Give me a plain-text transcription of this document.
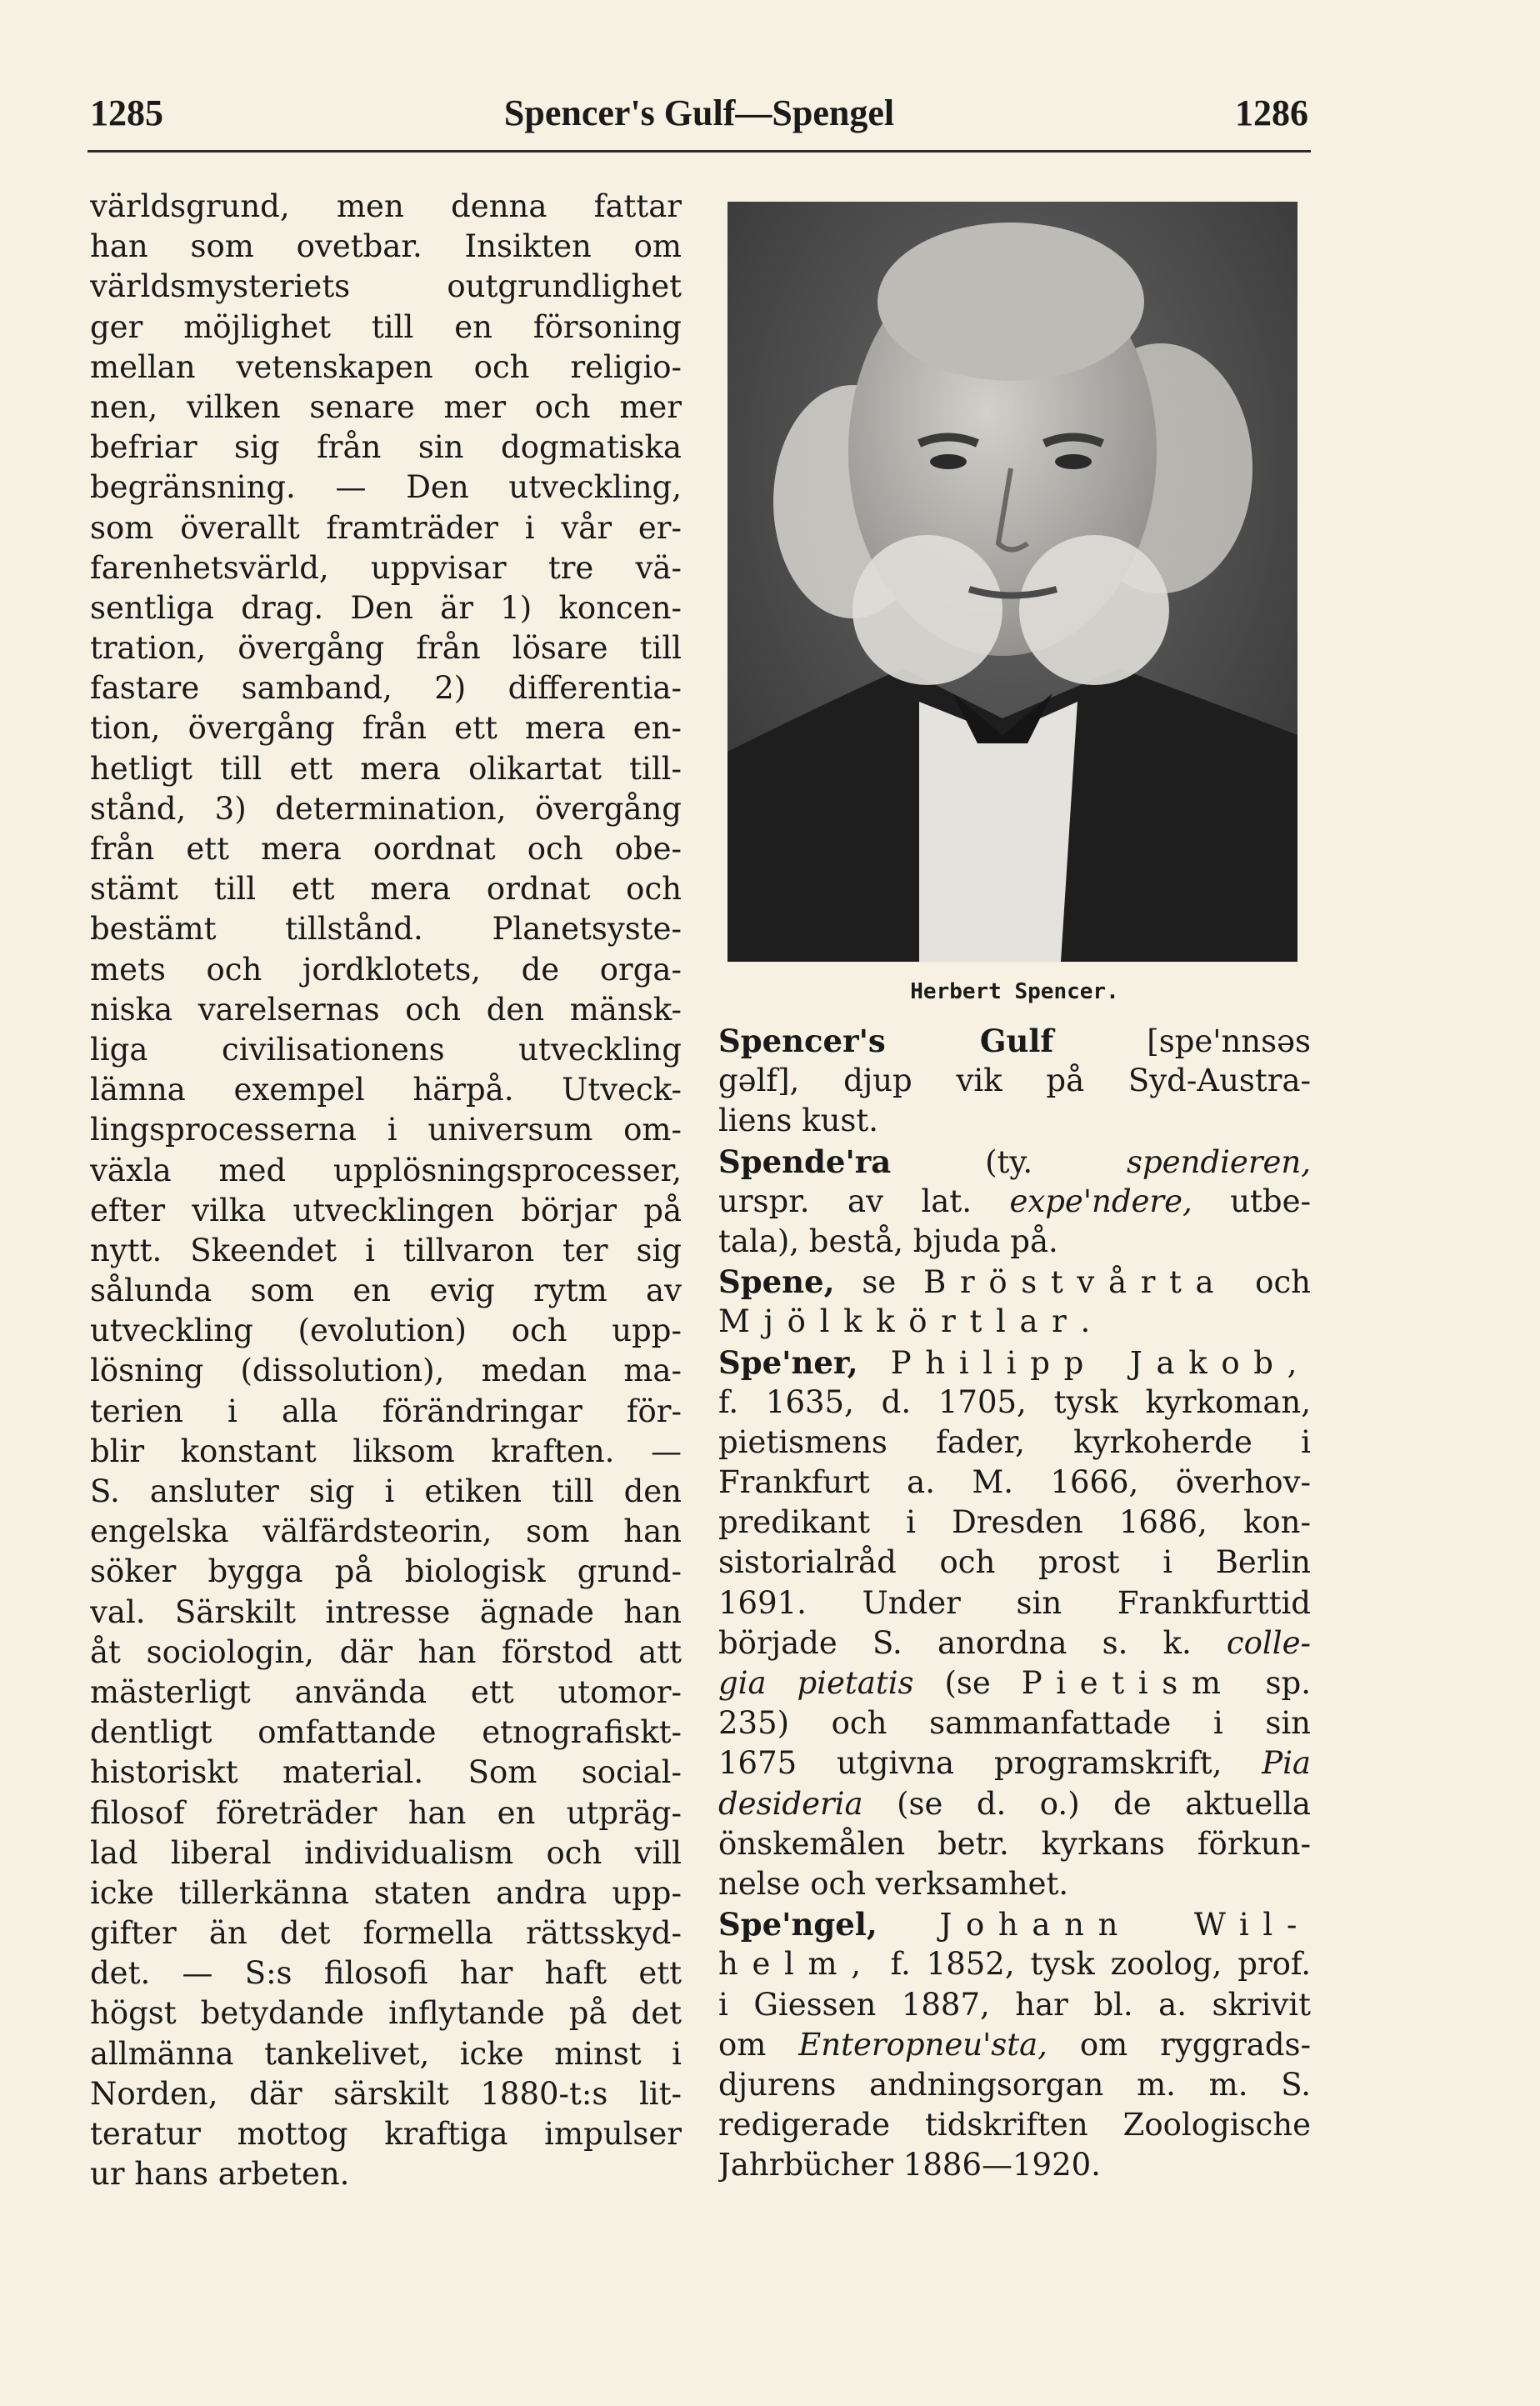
1285	Spencer's Gulf—Spengel	1286
världsgrund, men denna fattar
han som ovetbar. Insikten om
världsmysteriets outgrundlighet
ger möjlighet till en försoning
mellan vetenskapen och religio-
nen, vilken senare mer och mer
befriar sig från sin dogmatiska
begränsning. — Den utveckling,
som överallt framträder i vår er-
farenhetsvärld, uppvisar tre vä-
sentliga drag. Den är 1) koncen-
tration, övergång från lösare till
fastare samband, 2) differentia-
tion, övergång från ett mera en-
hetligt till ett mera olikartat till-
stånd, 3) determination, övergång
från ett mera oordnat och obe-
stämt till ett mera ordnat och
bestämt tillstånd. Planetsyste-
mets och jordklotets, de orga-
niska varelsernas och den mänsk-
liga civilisationens utveckling
lämna exempel härpå. Utveck-
lingsprocesserna i universum om-
växla med upplösningsprocesser,
efter vilka utvecklingen börjar på
nytt. Skeendet i tillvaron ter sig
sålunda som en evig rytm av
utveckling (evolution) och upp-
lösning (dissolution), medan ma-
terien i alla förändringar för-
blir konstant liksom kraften. —
S. ansluter sig i etiken till den
engelska välfärdsteorin, som han
söker bygga på biologisk grund-
val. Särskilt intresse ägnade han
åt sociologin, där han förstod att
mästerligt använda ett utomor-
dentligt omfattande etnografiskt-
historiskt material. Som social-
filosof företräder han en utpräg-
lad liberal individualism och vill
icke tillerkänna staten andra upp-
gifter än det formella rättsskyd-
det. — S:s filosofi har haft ett
högst betydande inflytande på det
allmänna tankelivet, icke minst i
Norden, där särskilt 1880-t:s lit-
teratur mottog kraftiga impulser
ur hans arbeten.
Herbert Spencer.
Spencer's Gulf [spe'nnsəs
gəlf], djup vik på Syd-Austra-
liens kust.
Spende'ra (ty. spendieren,
urspr. av lat. expe'ndere, utbe-
tala), bestå, bjuda på.
Spene, se Bröstvårta och
Mjölkkörtlar.
Spe'ner, Philipp Jakob,
f. 1635, d. 1705, tysk kyrkoman,
pietismens fader, kyrkoherde i
Frankfurt a. M. 1666, överhov-
predikant i Dresden 1686, kon-
sistorialråd och prost i Berlin
1691. Under sin Frankfurttid
började S. anordna s. k. colle-
gia pietatis (se Pietism sp.
235) och sammanfattade i sin
1675 utgivna programskrift, Pia
desideria (se d. o.) de aktuella
önskemålen betr. kyrkans förkun-
nelse och verksamhet.
Spe'ngel, Johann Wil-
helm, f. 1852, tysk zoolog, prof.
i Giessen 1887, har bl. a. skrivit
om Enteropneu'sta, om ryggrads-
djurens andningsorgan m. m. S.
redigerade tidskriften Zoologische
Jahrbücher 1886—1920.
